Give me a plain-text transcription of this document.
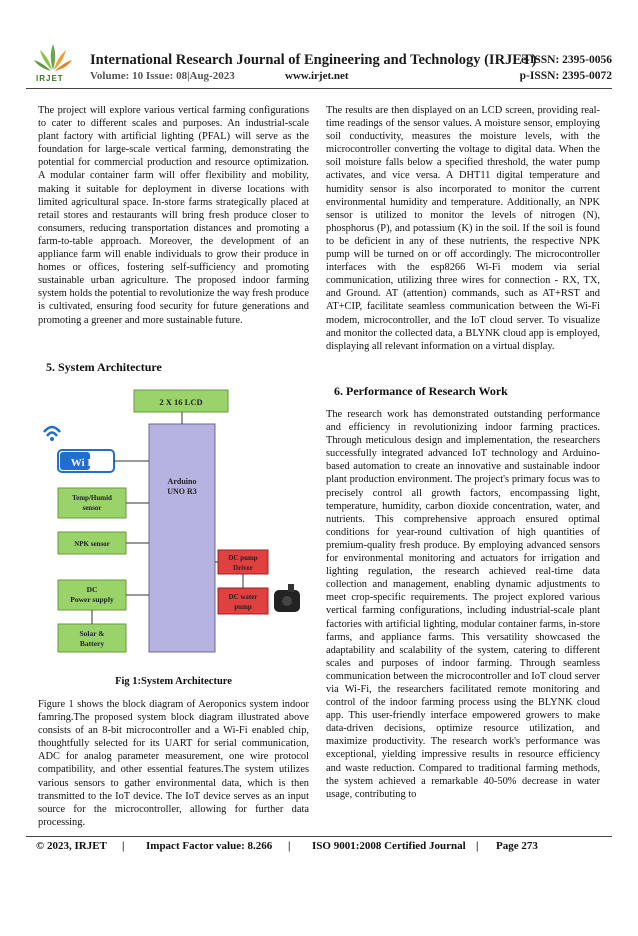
IRJET
International Research Journal of Engineering and Technology (IRJET)
e-ISSN: 2395-0056
Volume: 10 Issue: 08|Aug-2023	www.irjet.net	p-ISSN: 2395-0072

The project will explore various vertical farming configurations to cater to different scales and purposes. An industrial-scale plant factory with artificial lighting (PFAL) will serve as the foundation for large-scale vertical farming, demonstrating the potential for commercial production and resource optimization. A modular container farm will offer flexibility and mobility, making it suitable for deployment in diverse locations with limited agricultural space. In-store farms strategically placed at retail stores and restaurants will bring fresh produce closer to consumers, reducing transportation distances and promoting a farm-to-table approach. Moreover, the development of an appliance farm will enable individuals to grow their produce in homes or offices, fostering self-sufficiency and promoting sustainable urban agriculture. The proposed indoor farming system holds the potential to revolutionize the way fresh produce is cultivated, ensuring food security for future generations and promoting a greener and more sustainable future.

5. System Architecture
2 X 16 LCD
Arduino
UNO R3
Wi Fi
Temp/Humid
sensor
NPK sensor
DC
Power supply
Solar &
Battery
DC pump
Driver
DC water
pump
Fig 1:System Architecture

Figure 1 shows the block diagram of Aeroponics system indoor famring.The proposed system block diagram illustrated above consists of an 8-bit microcontroller and a Wi-Fi enabled chip, thoughtfully selected for its UART for serial communication, ADC for analog parameter measurement, one wire protocol compatibility, and other essential features.The system utilizes various sensors to gather environmental data, which is then transmitted to the IoT device. The IoT device serves as an input source for the microcontroller, allowing for further data processing.

The results are then displayed on an LCD screen, providing real-time readings of the sensor values. A moisture sensor, employing soil conductivity, measures the moisture levels, with the microcontroller converting the voltage to digital data. When the soil moisture falls below a specified threshold, the water pump activates, and vice versa. A DHT11 digital temperature and humidity sensor is also incorporated to monitor the current environmental humidity and temperature. Additionally, an NPK sensor is utilized to monitor the levels of nitrogen (N), phosphorus (P), and potassium (K) in the soil. If the soil is found to be deficient in any of these nutrients, the respective NPK pump will be turned on or off accordingly. The microcontroller interfaces with the esp8266 Wi-Fi modem via serial communication, utilizing three wires for connection - RX, TX, and Ground. AT (attention) commands, such as AT+RST and AT+CIP, facilitate seamless communication between the Wi-Fi modem, microcontroller, and the IoT cloud server. To visualize and monitor the collected data, a BLYNK cloud app is employed, displaying all relevant information on a virtual display.

6. Performance of Research Work

The research work has demonstrated outstanding performance and efficiency in revolutionizing indoor farming practices. Through meticulous design and implementation, the researchers successfully integrated advanced IoT technology and Arduino-based automation to create an innovative and sustainable indoor plant production environment. The project's primary focus was to precisely control all growth factors, encompassing light, temperature, humidity, carbon dioxide concentration, water, and nutrients. This comprehensive approach ensured optimal conditions for year-round cultivation of high quantities of premium-quality fresh produce. By employing advanced sensors for environmental monitoring and actuators for irrigation and lighting regulation, the research achieved real-time data collection and management, enabling dynamic adjustments to meet crop-specific requirements. The project explored various vertical farming configurations, including industrial-scale plant factories with artificial lighting, modular container farms, in-store farms, and appliance farms. This versatility showcased the adaptability and scalability of the system, catering to different scales and purposes of indoor farming. Through seamless communication between the microcontroller and IoT cloud server via Wi-Fi, the researchers facilitated remote monitoring and control of the indoor farming process using the BLYNK cloud app. This user-friendly interface empowered growers to make data-driven decisions, optimize resource utilization, and maximize productivity. The research work's performance was exceptional, yielding impressive results in resource efficiency and waste reduction. Compared to traditional farming methods, the system achieved a remarkable 40-50% decrease in water usage, contributing to

© 2023, IRJET

|

Impact Factor value: 8.266

|

ISO 9001:2008 Certified Journal

|

Page 273
